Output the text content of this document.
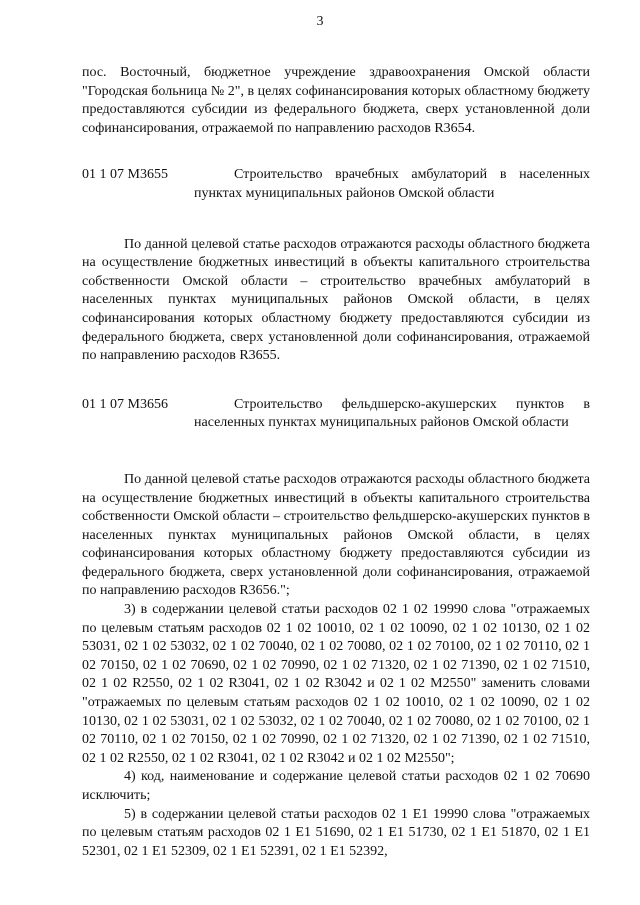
3

пос. Восточный, бюджетное учреждение здравоохранения Омской области "Городская больница № 2", в целях софинансирования которых областному бюджету предоставляются субсидии из федерального бюджета, сверх установленной доли софинансирования, отражаемой по направлению расходов R3654.

01 1 07 M3655	Строительство врачебных амбулаторий в населенных пунктах муниципальных районов Омской области

По данной целевой статье расходов отражаются расходы областного бюджета на осуществление бюджетных инвестиций в объекты капитального строительства собственности Омской области – строительство врачебных амбулаторий в населенных пунктах муниципальных районов Омской области, в целях софинансирования которых областному бюджету предоставляются субсидии из федерального бюджета, сверх установленной доли софинансирования, отражаемой по направлению расходов R3655.

01 1 07 M3656	Строительство фельдшерско-акушерских пунктов в населенных пунктах муниципальных районов Омской области

По данной целевой статье расходов отражаются расходы областного бюджета на осуществление бюджетных инвестиций в объекты капитального строительства собственности Омской области – строительство фельдшерско-акушерских пунктов в населенных пунктах муниципальных районов Омской области, в целях софинансирования которых областному бюджету предоставляются субсидии из федерального бюджета, сверх установленной доли софинансирования, отражаемой по направлению расходов R3656.";

3) в содержании целевой статьи расходов 02 1 02 19990 слова "отражаемых по целевым статьям расходов 02 1 02 10010, 02 1 02 10090, 02 1 02 10130, 02 1 02 53031, 02 1 02 53032, 02 1 02 70040, 02 1 02 70080, 02 1 02 70100, 02 1 02 70110, 02 1 02 70150, 02 1 02 70690, 02 1 02 70990, 02 1 02 71320, 02 1 02 71390, 02 1 02 71510, 02 1 02 R2550, 02 1 02 R3041, 02 1 02 R3042 и 02 1 02 M2550" заменить словами "отражаемых по целевым статьям расходов 02 1 02 10010, 02 1 02 10090, 02 1 02 10130, 02 1 02 53031, 02 1 02 53032, 02 1 02 70040, 02 1 02 70080, 02 1 02 70100, 02 1 02 70110, 02 1 02 70150, 02 1 02 70990, 02 1 02 71320, 02 1 02 71390, 02 1 02 71510, 02 1 02 R2550, 02 1 02 R3041, 02 1 02 R3042 и 02 1 02 M2550";

4) код, наименование и содержание целевой статьи расходов 02 1 02 70690 исключить;

5) в содержании целевой статьи расходов 02 1 E1 19990 слова "отражаемых по целевым статьям расходов 02 1 E1 51690, 02 1 E1 51730, 02 1 E1 51870, 02 1 E1 52301, 02 1 E1 52309, 02 1 E1 52391, 02 1 E1 52392,
